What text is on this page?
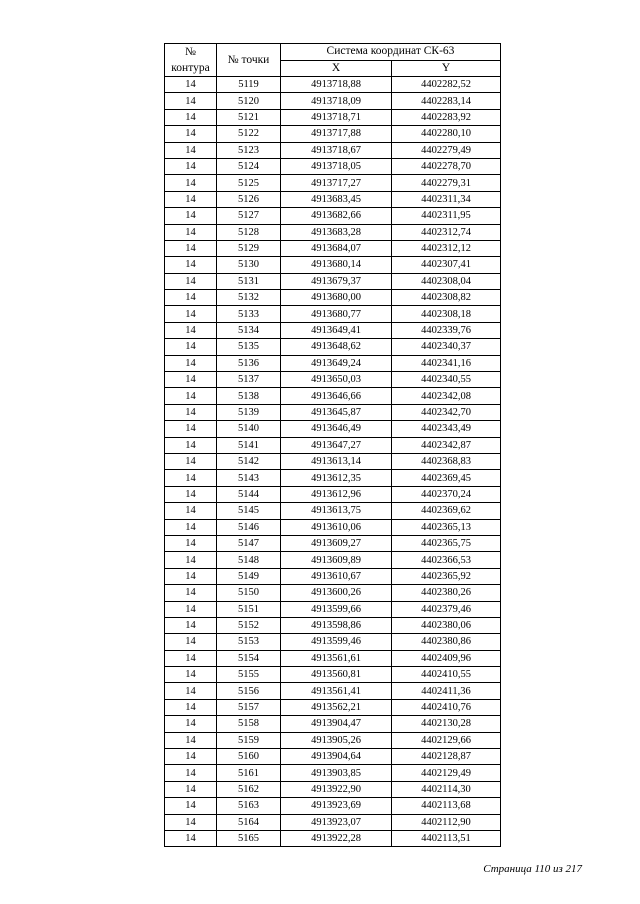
№
контура	№ точки	Система координат СК-63	
		X	Y
14	5119	4913718,88	4402282,52
14	5120	4913718,09	4402283,14
14	5121	4913718,71	4402283,92
14	5122	4913717,88	4402280,10
14	5123	4913718,67	4402279,49
14	5124	4913718,05	4402278,70
14	5125	4913717,27	4402279,31
14	5126	4913683,45	4402311,34
14	5127	4913682,66	4402311,95
14	5128	4913683,28	4402312,74
14	5129	4913684,07	4402312,12
14	5130	4913680,14	4402307,41
14	5131	4913679,37	4402308,04
14	5132	4913680,00	4402308,82
14	5133	4913680,77	4402308,18
14	5134	4913649,41	4402339,76
14	5135	4913648,62	4402340,37
14	5136	4913649,24	4402341,16
14	5137	4913650,03	4402340,55
14	5138	4913646,66	4402342,08
14	5139	4913645,87	4402342,70
14	5140	4913646,49	4402343,49
14	5141	4913647,27	4402342,87
14	5142	4913613,14	4402368,83
14	5143	4913612,35	4402369,45
14	5144	4913612,96	4402370,24
14	5145	4913613,75	4402369,62
14	5146	4913610,06	4402365,13
14	5147	4913609,27	4402365,75
14	5148	4913609,89	4402366,53
14	5149	4913610,67	4402365,92
14	5150	4913600,26	4402380,26
14	5151	4913599,66	4402379,46
14	5152	4913598,86	4402380,06
14	5153	4913599,46	4402380,86
14	5154	4913561,61	4402409,96
14	5155	4913560,81	4402410,55
14	5156	4913561,41	4402411,36
14	5157	4913562,21	4402410,76
14	5158	4913904,47	4402130,28
14	5159	4913905,26	4402129,66
14	5160	4913904,64	4402128,87
14	5161	4913903,85	4402129,49
14	5162	4913922,90	4402114,30
14	5163	4913923,69	4402113,68
14	5164	4913923,07	4402112,90
14	5165	4913922,28	4402113,51
Страница 110 из 217
